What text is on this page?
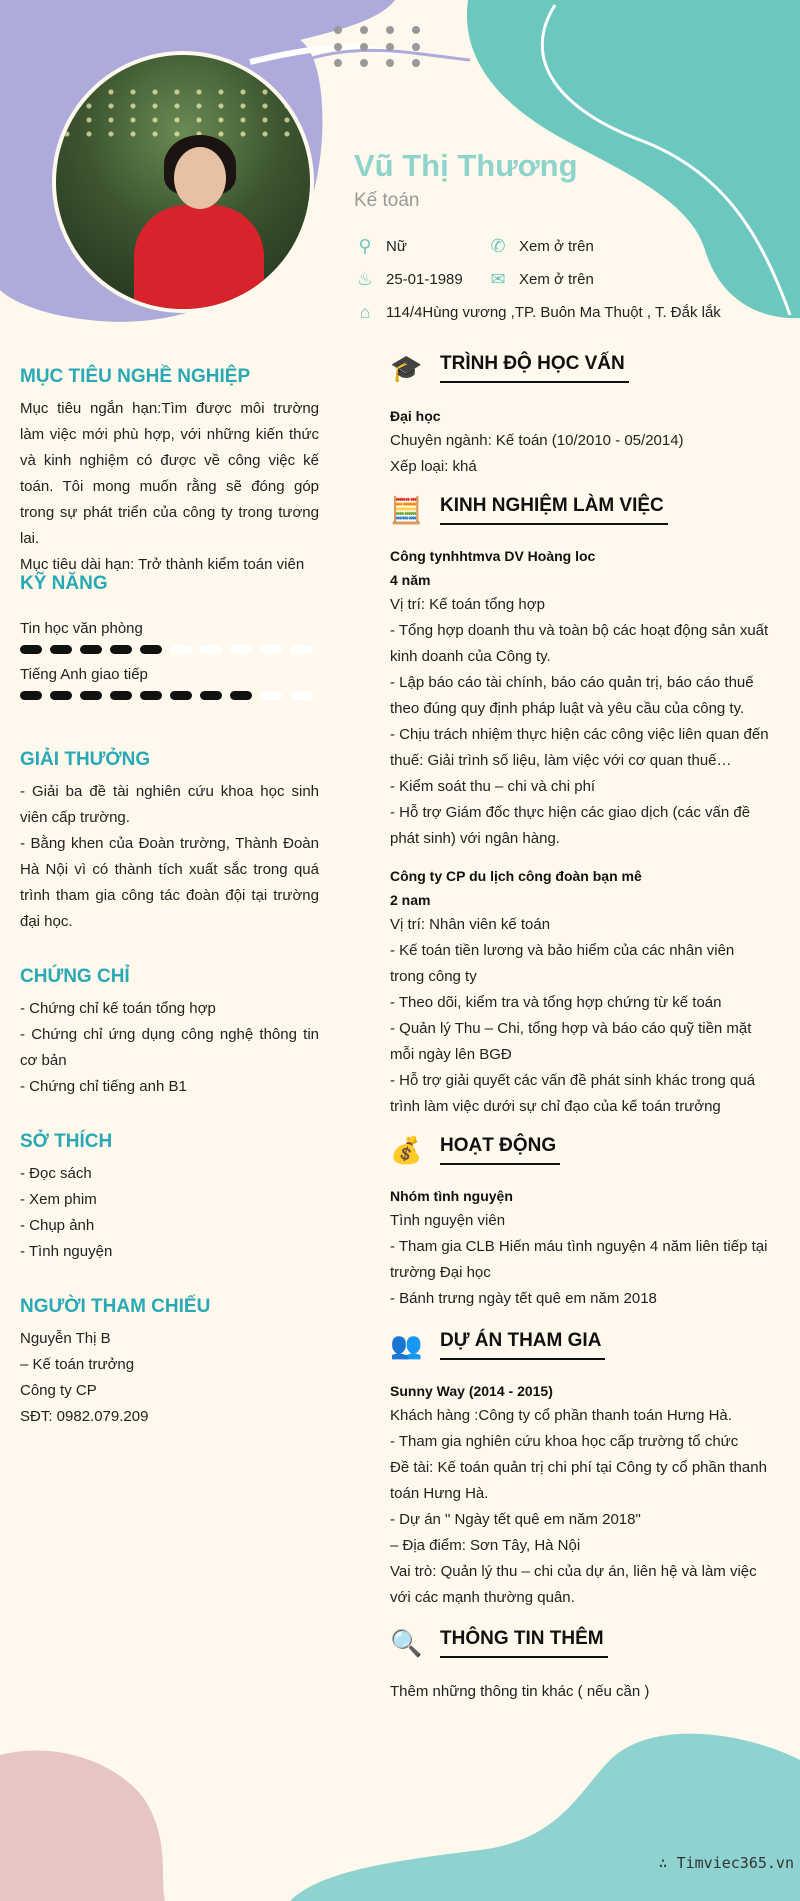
Vũ Thị Thương
Kế toán
⚲ Nữ	✆ Xem ở trên
♨ 25-01-1989 ✉ Xem ở trên
⌂	114/4Hùng vương ,TP. Buôn Ma Thuột , T. Đắk lắk
MỤC TIÊU NGHỀ NGHIỆP
Mục tiêu ngắn hạn:Tìm được môi trường làm việc mới phù hợp, với những kiến thức và kinh nghiệm có được về công việc kế toán. Tôi mong muốn rằng sẽ đóng góp trong sự phát triển của công ty trong tương lai.
Mục tiêu dài hạn: Trở thành kiểm toán viên
KỸ NĂNG
Tin học văn phòng
Tiếng Anh giao tiếp
GIẢI THƯỞNG
- Giải ba đề tài nghiên cứu khoa học sinh viên cấp trường.
- Bằng khen của Đoàn trường, Thành Đoàn Hà Nội vì có thành tích xuất sắc trong quá trình tham gia công tác đoàn đội tại trường đại học.
CHỨNG CHỈ
- Chứng chỉ kế toán tổng hợp
- Chứng chỉ ứng dụng công nghệ thông tin cơ bản
- Chứng chỉ tiếng anh B1
SỞ THÍCH
- Đọc sách
- Xem phim
- Chụp ảnh
- Tình nguyện
NGƯỜI THAM CHIẾU
Nguyễn Thị B
– Kế toán trưởng
Công ty CP
SĐT: 0982.079.209
🎓 TRÌNH ĐỘ HỌC VẤN
Đại học
Chuyên ngành: Kế toán (10/2010 - 05/2014)
Xếp loại: khá
🧮 KINH NGHIỆM LÀM VIỆC
Công tynhhtmva DV Hoàng loc
4 năm
Vị trí: Kế toán tổng hợp
- Tổng hợp doanh thu và toàn bộ các hoạt động sản xuất kinh doanh của Công ty.
- Lập báo cáo tài chính, báo cáo quản trị, báo cáo thuế theo đúng quy định pháp luật và yêu cầu của công ty.
- Chịu trách nhiệm thực hiện các công việc liên quan đến thuế: Giải trình số liệu, làm việc với cơ quan thuế…
- Kiểm soát thu – chi và chi phí
- Hỗ trợ Giám đốc thực hiện các giao dịch (các vấn đề phát sinh) với ngân hàng.
Công ty CP du lịch công đoàn bạn mê
2 nam
Vị trí: Nhân viên kế toán
- Kế toán tiền lương và bảo hiểm của các nhân viên trong công ty
- Theo dõi, kiểm tra và tổng hợp chứng từ kế toán
- Quản lý Thu – Chi, tổng hợp và báo cáo quỹ tiền mặt mỗi ngày lên BGĐ
- Hỗ trợ giải quyết các vấn đề phát sinh khác trong quá trình làm việc dưới sự chỉ đạo của kế toán trưởng
💰 HOẠT ĐỘNG
Nhóm tình nguyện
Tình nguyện viên
- Tham gia CLB Hiến máu tình nguyện 4 năm liên tiếp tại trường Đại học
- Bánh trưng ngày tết quê em năm 2018
👥 DỰ ÁN THAM GIA
Sunny Way (2014 - 2015)
Khách hàng :Công ty cổ phần thanh toán Hưng Hà.
- Tham gia nghiên cứu khoa học cấp trường tổ chức
Đề tài: Kế toán quản trị chi phí tại Công ty cổ phần thanh toán Hưng Hà.
- Dự án " Ngày tết quê em năm 2018"
– Địa điểm: Sơn Tây, Hà Nội
Vai trò: Quản lý thu – chi của dự án, liên hệ và làm việc với các mạnh thường quân.
🔍 THÔNG TIN THÊM
Thêm những thông tin khác ( nếu cần )
∴ Timviec365.vn
